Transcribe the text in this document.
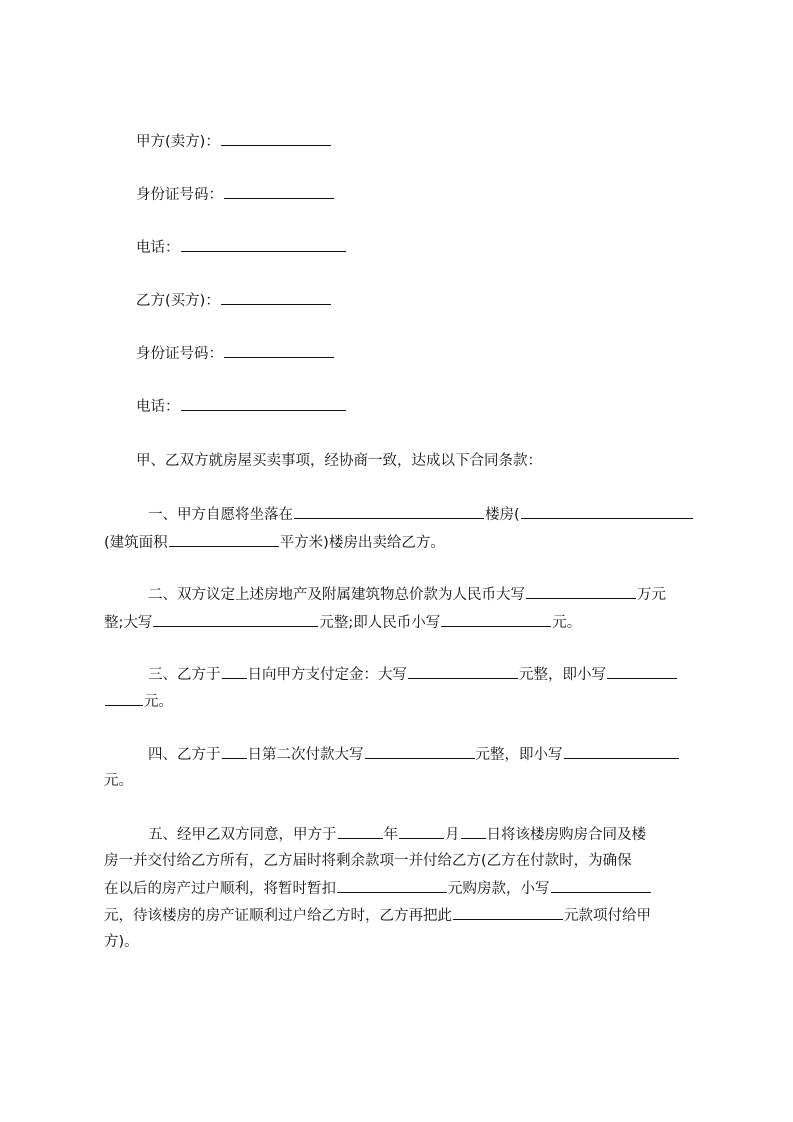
甲方(卖方)：
身份证号码：
电话：
乙方(买方)：
身份证号码：
电话：
甲、乙双方就房屋买卖事项，经协商一致，达成以下合同条款：
一、甲方自愿将坐落在	楼房(
(建筑面积	平方米)楼房出卖给乙方。
二、双方议定上述房地产及附属建筑物总价款为人民币大写	万元
整;大写	元整;即人民币小写	元。
三、乙方于 日向甲方支付定金：大写	元整，即小写
元。
四、乙方于 日第二次付款大写	元整，即小写
元。
五、经甲乙双方同意，甲方于	年	月 日将该楼房购房合同及楼
房一并交付给乙方所有，乙方届时将剩余款项一并付给乙方(乙方在付款时，为确保
在以后的房产过户顺利，将暂时暂扣	元购房款，小写
元，待该楼房的房产证顺利过户给乙方时，乙方再把此	元款项付给甲
方)。
